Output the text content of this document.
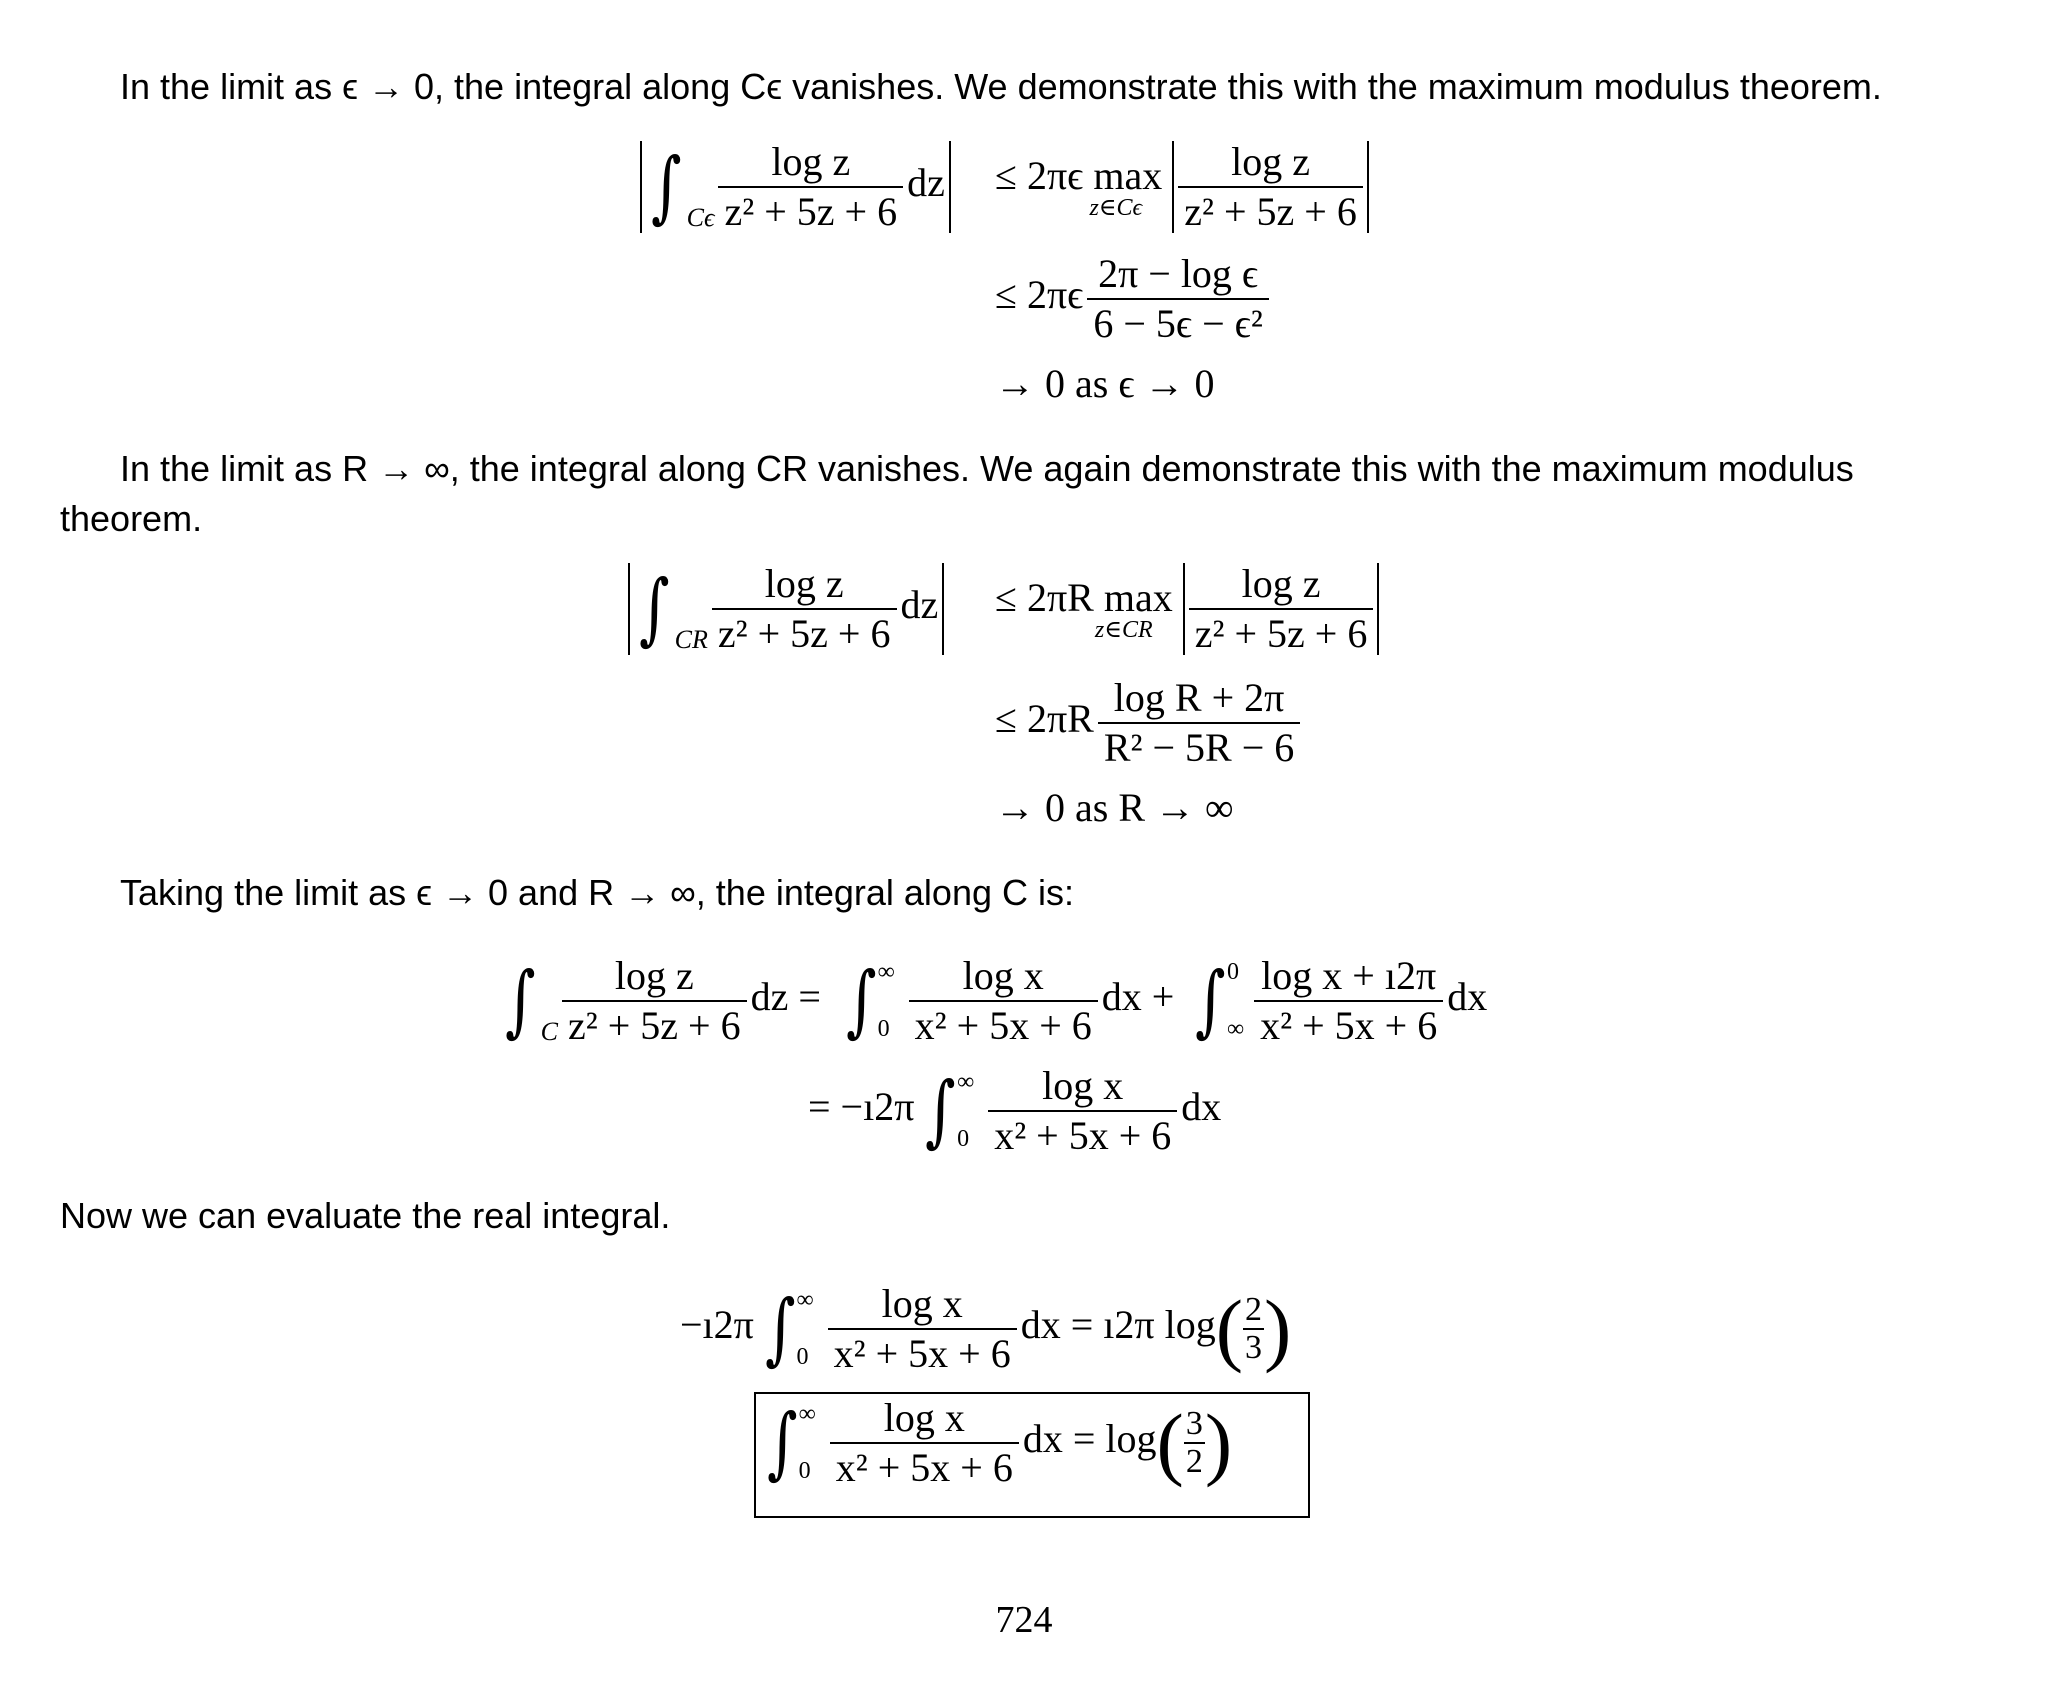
In the limit as ϵ → 0, the integral along Cϵ vanishes. We demonstrate this with the maximum modulus theorem.
∫ $_{C\epsilon} \frac{\text{log z}}{\text{z² + 5z + 6}}$ dz ≤ 2πϵ max
z∈Cϵ $\frac{\text{log z}}{\text{z² + 5z + 6}}$
≤ $2\pi\epsilon \frac{\text{2π − log ϵ}}{\text{6 − 5ϵ − ϵ²}}$
→ 0 as ϵ → 0
In the limit as R → ∞, the integral along CR vanishes. We again demonstrate this with the maximum modulus
theorem.
∫ $_{CR} \frac{\text{log z}}{\text{z² + 5z + 6}}$ dz ≤ 2πR max
z∈CR $\frac{\text{log z}}{\text{z² + 5z + 6}}$
≤ $2\pi R \frac{\text{log R + 2π}}{\text{R² − 5R − 6}}$
→ 0 as R → ∞
Taking the limit as ϵ → 0 and R → ∞, the integral along C is:
∫ $_C \frac{\text{log z}}{\text{z² + 5z + 6}}$ dz = ∫ ∞
$0 \frac{\text{log x}}{\text{x² + 5x + 6}}$ dx + ∫ 0
∞ $\frac{\text{log x + ı2π}}{\text{x² + 5x + 6}}$ dx
= −ı2π ∫ ∞
$0 \frac{\text{log x}}{\text{x² + 5x + 6}}$ dx
Now we can evaluate the real integral.
−ı2π ∫ ∞
$0 \frac{\text{log x}}{\text{x² + 5x + 6}}$ dx = ı2π $\log( \frac{2}{3}$ )
∫ ∞
$0 \frac{\text{log x}}{\text{x² + 5x + 6}}$ dx = $\log( \frac{3}{2}$ )
724
